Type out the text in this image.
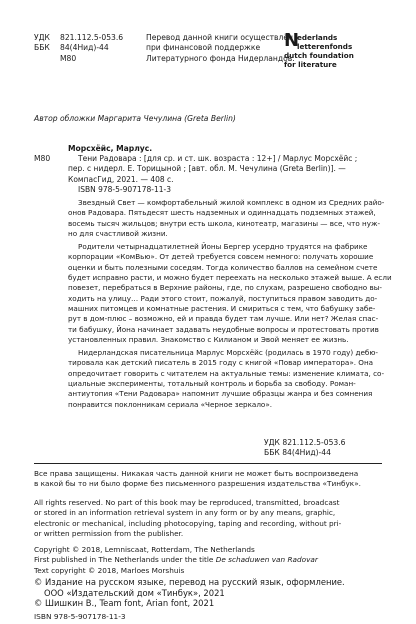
УДК 821.112.5-053.6
ББК 84(4Нид)-44
М80
Перевод данной книги осуществлён
при финансовой поддержке
Литературного фонда Нидерландов.
N
ederlands
letterenfonds
dutch foundation
for literature
Автор обложки Маргарита Чечулина (Greta Berlin)
Морсхёйс, Марлус.
М80	Тени Радовара : [для ср. и ст. шк. возраста : 12+] / Марлус Морсхёйс ;
пер. с нидерл. Е. Торицыной ; [авт. обл. М. Чечулина (Greta Berlin)]. —
КомпасГид, 2021. — 408 с.
ISBN 978-5-907178-11-3
Звездный Свет — комфортабельный жилой комплекс в одном из Средних райо-
онов Радовара. Пятьдесят шесть надземных и одиннадцать подземных этажей,
восемь тысяч жильцов; внутри есть школа, кинотеатр, магазины — все, что нуж-
но для счастливой жизни.
Родители четырнадцатилетней Йоны Бергер усердно трудятся на фабрике
корпорации «КомВью». От детей требуется совсем немного: получать хорошие
оценки и быть полезными соседям. Тогда количество баллов на семейном счете
будет исправно расти, и можно будет переехать на несколько этажей выше. А если
повезет, перебраться в Верхние районы, где, по слухам, разрешено свободно вы-
ходить на улицу… Ради этого стоит, пожалуй, поступиться правом заводить до-
машних питомцев и комнатные растения. И смириться с тем, что бабушку забе-
рут в дом-плюс – возможно, ей и правда будет там лучше. Или нет? Желая спас-
ти бабушку, Йона начинает задавать неудобные вопросы и протестовать против
установленных правил. Знакомство с Килианом и Эвой меняет ее жизнь.
Нидерландская писательница Марлус Морсхёйс (родилась в 1970 году) дебю-
тировала как детский писатель в 2015 году с книгой «Повар императора». Она
опредочитает говорить с читателем на актуальные темы: изменение климата, со-
циальные эксперименты, тотальный контроль и борьба за свободу. Роман-
антиутопия «Тени Радовара» напомнит лучшие образцы жанра и без сомнения
понравится поклонникам сериала «Черное зеркало».
УДК 821.112.5-053.6
ББК 84(4Нид)-44
Все права защищены. Никакая часть данной книги не может быть воспроизведена
в какой бы то ни было форме без письменного разрешения издательства «Тинбук».
All rights reserved. No part of this book may be reproduced, transmitted, broadcast
or stored in an information retrieval system in any form or by any means, graphic,
electronic or mechanical, including photocopying, taping and recording, without pri-
or written permission from the publisher.
Copyright © 2018, Lemniscaat, Rotterdam, The Netherlands
First published in The Netherlands under the title De schaduwen van Radovar
Text copyright © 2018, Marloes Morshuis
© Издание на русском языке, перевод на русский язык, оформление.
ООО «Издательский дом «Тинбук», 2021
© Шишкин В., Team font, Arian font, 2021
ISBN 978-5-907178-11-3
